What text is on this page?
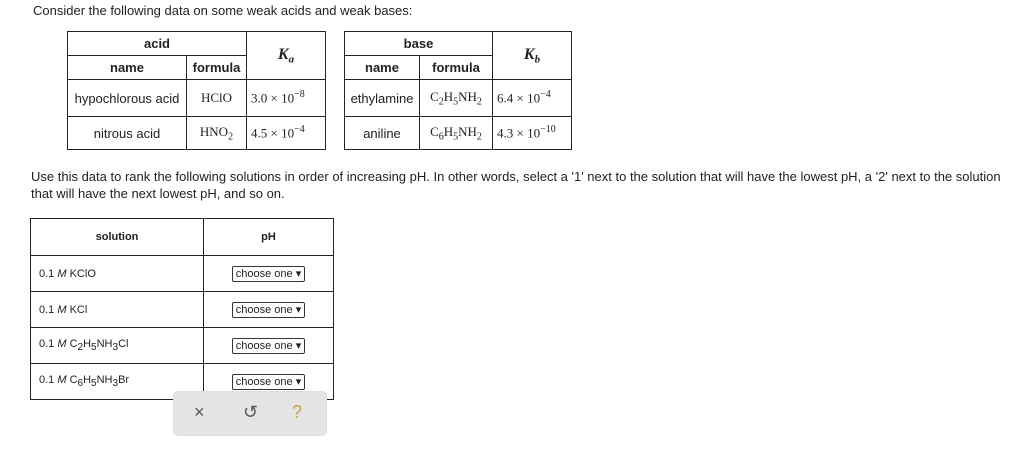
Consider the following data on some weak acids and weak bases:
acid		$K_a$
name	formula	
hypochlorous acid	HClO	$3.0 \times 10^{-8}$
nitrous acid	$HNO_2$	$4.5 \times 10^{-4}$
base		$K_b$
name	formula	
ethylamine	$C_2H_5NH_2$	$6.4 \times 10^{-4}$
aniline	$C_6H_5NH_2$	$4.3 \times 10^{-10}$
Use this data to rank the following solutions in order of increasing pH. In other words, select a '1' next to the solution that will have the lowest pH, a '2' next to the solution that will have the next lowest pH, and so on.
solution	pH
0.1 M KClO	choose one ▾
0.1 M KCl	choose one ▾
0.1 M $C_2H_5NH_3Cl$	choose one ▾
0.1 M $C_6H_5NH_3Br$	choose one ▾
× ↺ ?
